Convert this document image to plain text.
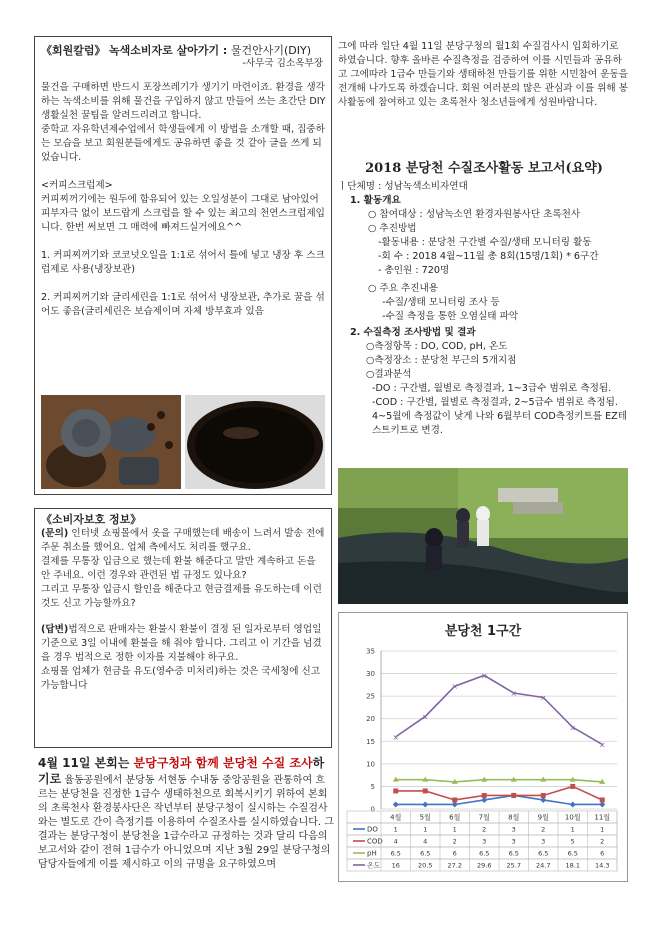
《회원칼럼》 녹색소비자로 살아가기 : 물건안사기(DIY)
-사무국 김소옥부장

물건을 구매하면 반드시 포장쓰레기가 생기기 마련이죠. 환경을 생각하는 녹색소비를 위해 물건을 구입하지 않고 만들어 쓰는 초간단 DIY생활실천 꿀팁을 알려드리려고 합니다.

중학교 자유학년제수업에서 학생들에게 이 방법을 소개할 때, 집중하는 모습을 보고 회원분들에게도 공유하면 좋을 것 같아 글을 쓰게 되었습니다.

<커피스크럽제>

커피찌꺼기에는 원두에 함유되어 있는 오일성분이 그대로 남아있어 피부자극 없이 보드랍게 스크럽을 할 수 있는 최고의 천연스크럽제입니다. 한번 써보면 그 매력에 빠져드실거에요^^

1. 커피찌꺼기와 코코넛오일을 1:1로 섞어서 틀에 넣고 냉장 후 스크럽제로 사용(냉장보관)

2. 커피찌꺼기와 글리세린을 1:1로 섞어서 냉장보관, 추가로 꿀을 섞어도 좋음(글리세린은 보습제이며 자체 방부효과 있음

《소비자보호 정보》

(문의) 인터넷 쇼핑몰에서 옷을 구매했는데 배송이 느려서 발송 전에 주문 취소를 했어요. 업체 측에서도 처리를 했구요.

결제를 무통장 입금으로 했는데 환불 해준다고 말만 계속하고 돈을 안 주네요. 이런 경우와 관련된 법 규정도 있나요?

그리고 무통장 입금시 할인을 해준다고 현금결제를 유도하는데 이런 것도 신고 가능할까요?

(답변)법적으로 판매자는 환불시 환불이 결정 된 일자로부터 영업일 기준으로 3일 이내에 환불을 해 줘야 합니다. 그리고 이 기간을 넘겼을 경우 법적으로 정한 이자를 지불해야 하구요.

쇼핑몰 업체가 현금을 유도(영수증 미처리)하는 것은 국세청에 신고 가능합니다

4월 11일 본회는 분당구청과 함께 분당천 수질 조사하기로 율동공원에서 분당동 서현동 수내동 중앙공원을 관통하여 흐르는 분당천을 진정한 1급수 생태하천으로 회복시키기 위하여 본회의 초록천사 환경봉사단은 작년부터 분당구청이 실시하는 수질검사와는 별도로 간이 측정기를 이용하여 수질조사를 실시하였습니다. 그 결과는 분당구청이 분당천을 1급수라고 규정하는 것과 달리 다음의 보고서와 같이 전혀 1급수가 아니었으며 지난 3월 29일 분당구청의 담당자들에게 이를 제시하고 이의 규명을 요구하였으며

그에 따라 일단 4월 11일 분당구청의 월1회 수질검사시 입회하기로 하였습니다. 향후 올바른 수질측정을 검증하여 이를 시민들과 공유하고 그에따라 1급수 만들기와 생태하천 만들기를 위한 시민참여 운동을 전개해 나가도록 하겠습니다. 회원 여러분의 많은 관심과 이를 위해 봉사활동에 참여하고 있는 초록천사 청소년들에게 성원바랍니다.

2018 분당천 수질조사활동 보고서(요약)

ㅣ단체명 : 성남녹색소비자연대

1. 활동개요

○ 참여대상 : 성남녹소연 환경자원봉사단 초록천사

○ 추진방법

-활동내용 : 분당천 구간별 수질/생태 모니터링 활동

-회 수 : 2018 4월~11월 총 8회(15명/1회) * 6구간

- 총인원 : 720명

○ 주요 추진내용

-수질/생태 모니터링 조사 등

-수질 측정을 통한 오염실태 파악

2. 수질측정 조사방법 및 결과

○측정항목 : DO, COD, pH, 온도

○측정장소 : 분당천 부근의 5개지점

○결과분석

-DO : 구간별, 월별로 측정결과, 1~3급수 범위로 측정됨.

-COD : 구간별, 월별로 측정결과, 2~5급수 범위로 측정됨. 4~5월에 측정값이 낮게 나와 6월부터 COD측정키트를 EZ테스트키트로 변경.

분당천 1구간
0
5
10
15
20
25
30
35
×
×
×
×
×
×
×
×
4월	5월	6월	7월	8월	9월 10월 11월
DO 1	1	1	2	3	2	1	1
COD 4	4	2	3	3	3	5	2
pH 6.5	6.5	6	6.5	6.5	6.5	6.5	6
온도 16	20.5 27.2 29.6 25.7 24.7 18.1 14.3
